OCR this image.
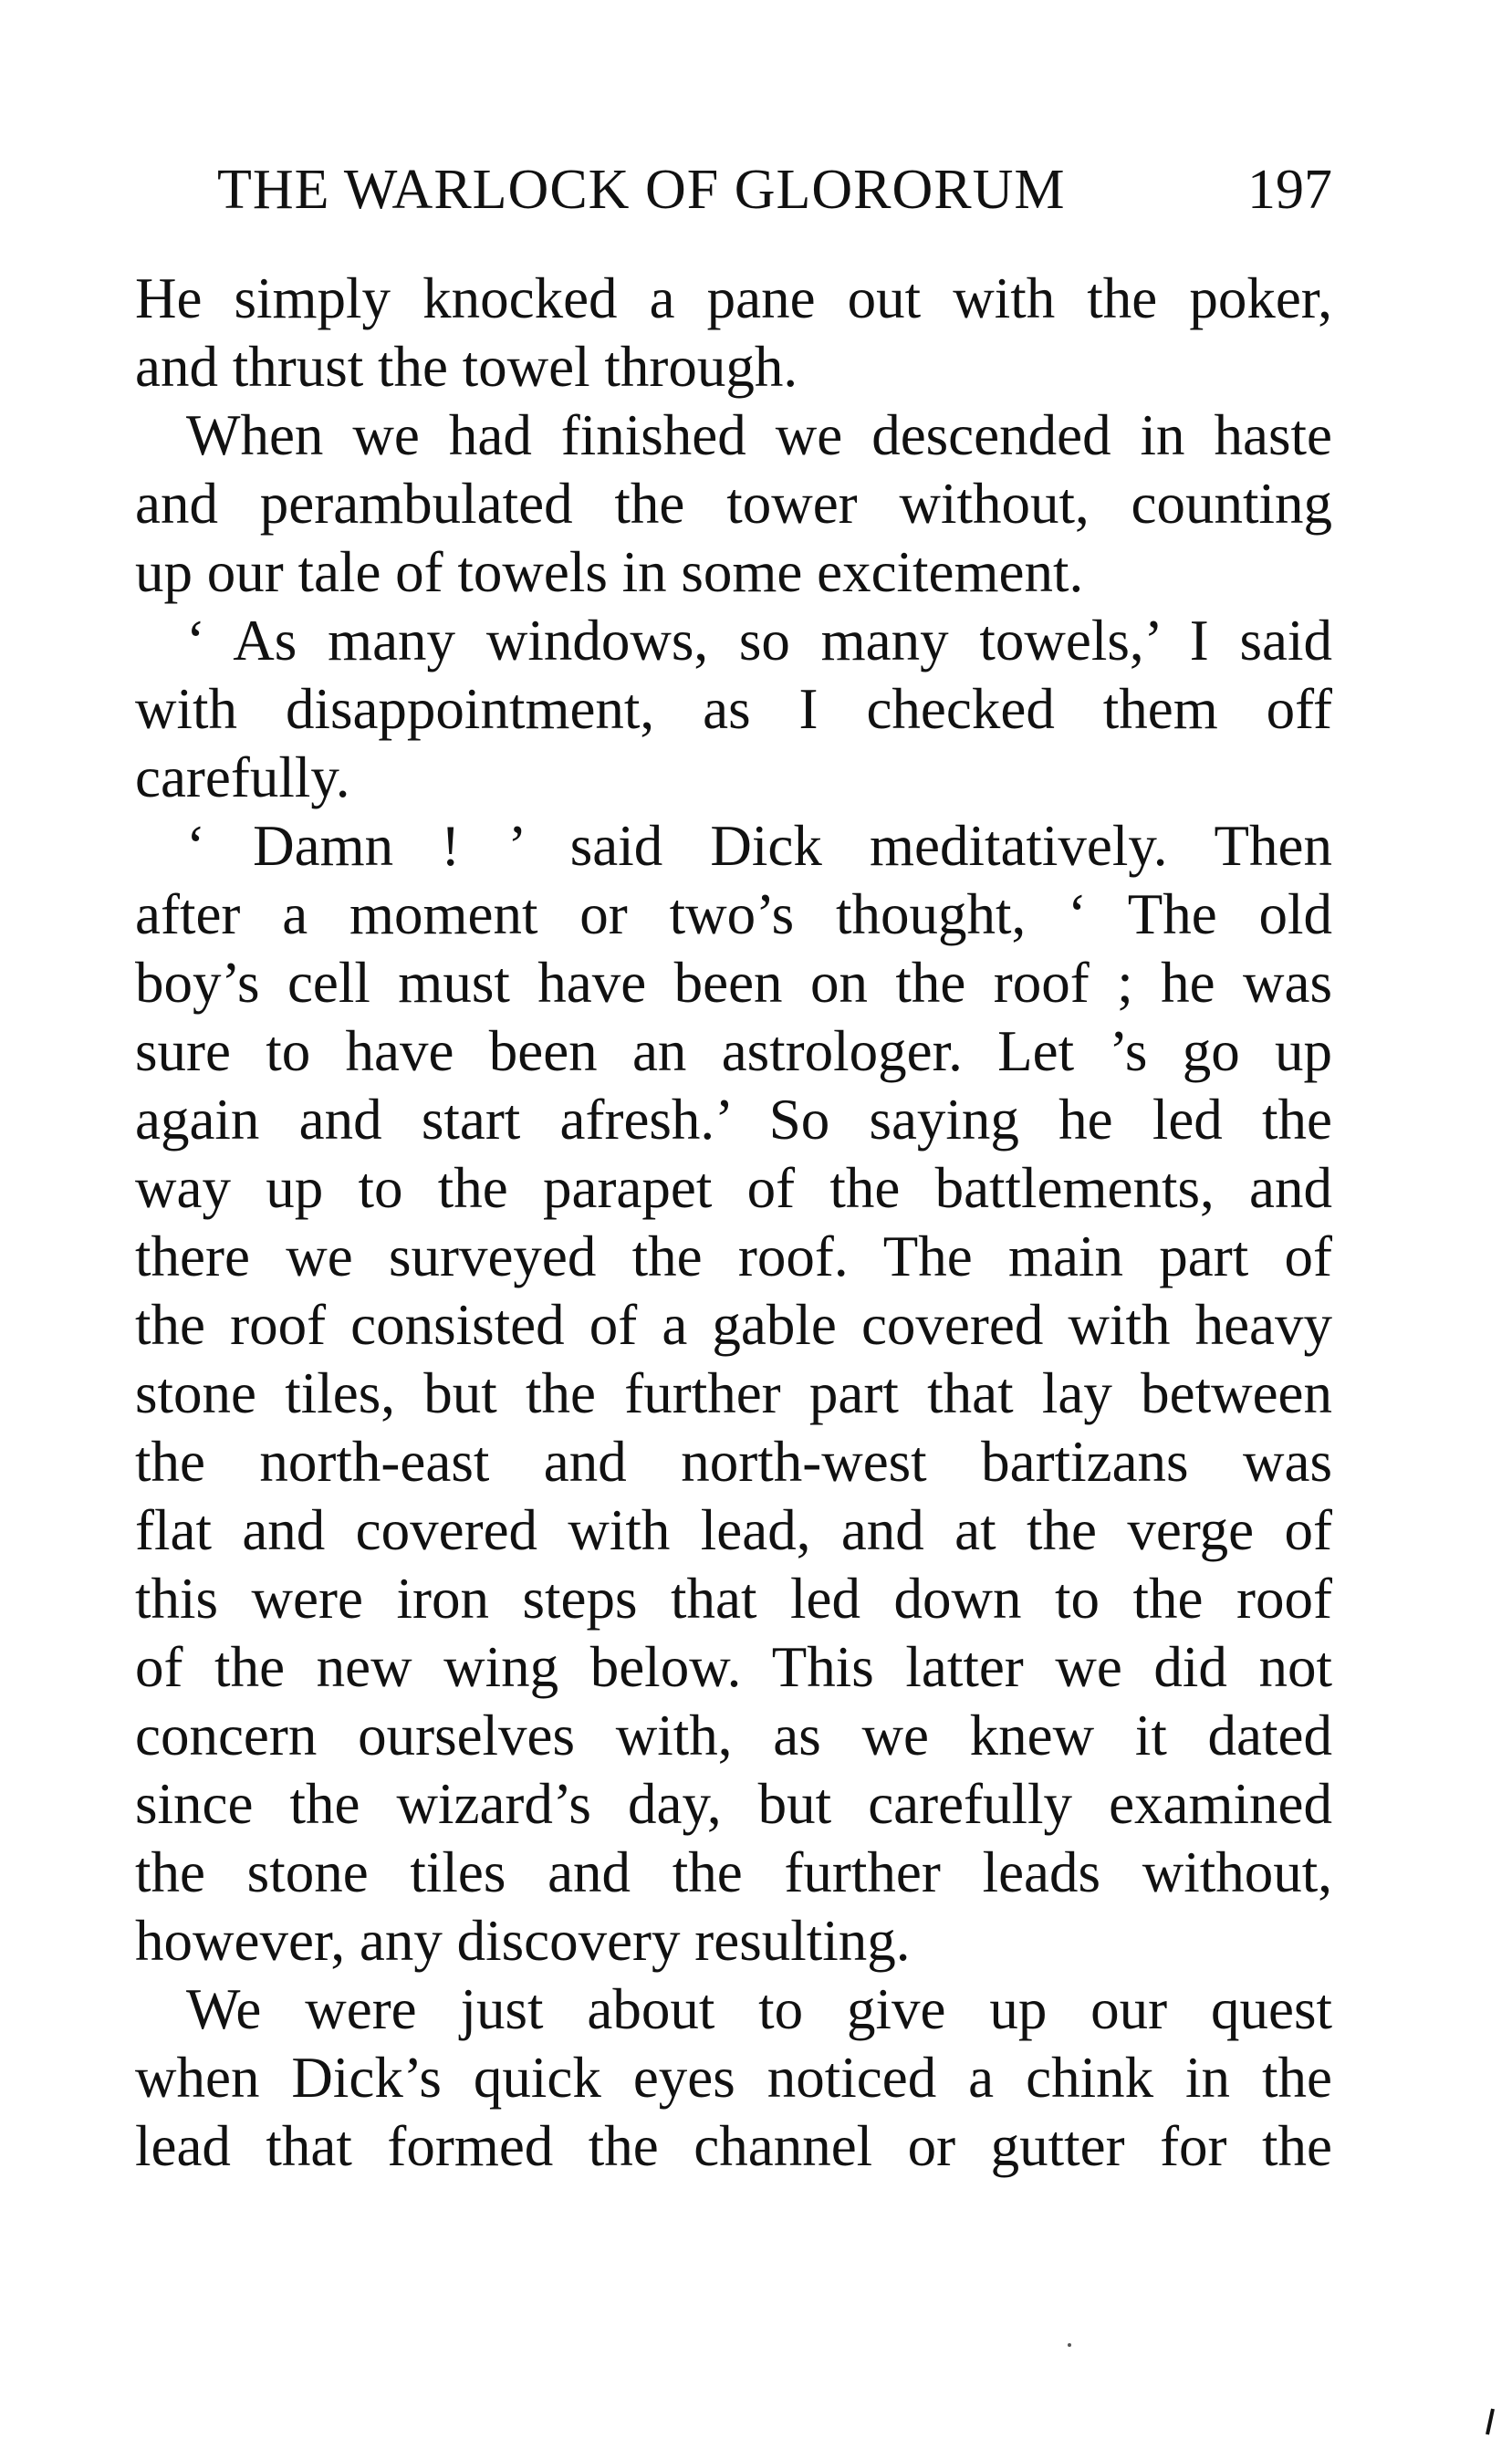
THE WARLOCK OF GLORORUM	197
He simply knocked a pane out with the poker,
and thrust the towel through.
When we had finished we descended in haste
and perambulated the tower without, counting
up our tale of towels in some excitement.
‘ As many windows, so many towels,’ I said
with disappointment, as I checked them off
carefully.
‘ Damn ! ’ said Dick meditatively. Then
after a moment or two’s thought, ‘ The old
boy’s cell must have been on the roof ; he was
sure to have been an astrologer. Let ’s go up
again and start afresh.’ So saying he led the
way up to the parapet of the battlements, and
there we surveyed the roof. The main part of
the roof consisted of a gable covered with heavy
stone tiles, but the further part that lay between
the north-east and north-west bartizans was
flat and covered with lead, and at the verge of
this were iron steps that led down to the roof
of the new wing below. This latter we did not
concern ourselves with, as we knew it dated
since the wizard’s day, but carefully examined
the stone tiles and the further leads without,
however, any discovery resulting.
We were just about to give up our quest
when Dick’s quick eyes noticed a chink in the
lead that formed the channel or gutter for the
